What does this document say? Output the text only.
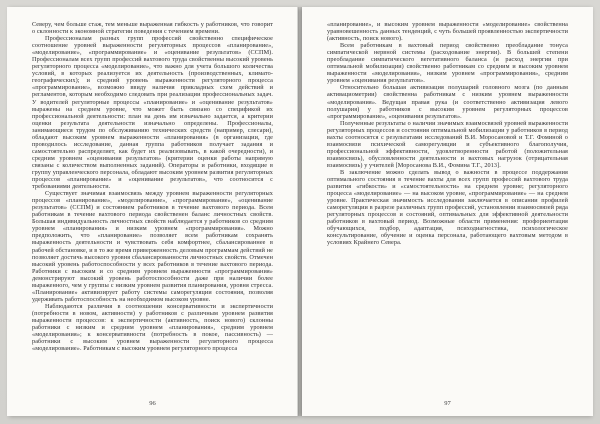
Северу, чем больше стаж, тем меньше выраженная гибкость у работников, что говорит о склонности к экономной стратегии поведения с течением времени.

Профессионалам разных групп профессий свойственно специфическое соотношение уровней выраженности регуляторных процессов «планирование», «моделирование», «программирование» и «оценивание результатов» (ССПМ). Профессионалам всех групп профессий вахтового труда свойственны высокий уровень регуляторного процесса «моделирование», что важно для учета большого количества условий, в которых реализуется их деятельность (производственных, климато-географических); и средний уровень выраженности регуляторного процесса «программирование», возможно ввиду наличия прикладных схем действий и регламентов, которым необходимо следовать при реализации профессиональных задач. У водителей регуляторные процессы «планирование» и «оценивание результатов» выражены на среднем уровне, что может быть связано со спецификой их профессиональной деятельности: план на день им изначально задается, а критерии оценки результата деятельности изначально определены. Профессионалы, занимающиеся трудом по обслуживанию технических средств (например, слесари), обладают высоким уровнем выраженности «планирования» (в организации, где проводилось исследование, данная группа работников получает задания и самостоятельно распределяет, как будет их реализовывать, в какой очередности), и средним уровнем «оценивания результатов» (критерии оценки работы напрямую связаны с количеством выполненных заданий). Операторы и работники, входящие в группу управленческого персонала, обладают высоким уровнем развития регуляторных процессов «планирование» и «оценивание результатов», что соотносится с требованиями деятельности.

Существует значимая взаимосвязь между уровнем выраженности регуляторных процессов «планирование», «моделирование», «программирование», «оценивание результатов» (ССПМ) и состоянием работников в течение вахтового периода. Всем работникам в течение вахтового периода свойственен баланс личностных свойств. Большая индивидуальность личностных свойств наблюдается у работников со средним уровнем «планирования» и низким уровнем «программирования». Можно предположить, что «планирование» позволяет всем работникам сохранять выраженность деятельности и чувствовать себя комфортнее, сбалансированнее в рабочей обстановке, и в то же время приверженность деловым программам действий не позволяет достичь высокого уровня сбалансированности личностных свойств. Отмечен высокий уровень работоспособности у всех работников в течение вахтового периода. Работники с высоким и со средним уровнем выраженности «программирования» демонстрируют высокий уровень работоспособности даже при наличии более выраженного, чем у группы с низким уровнем развития планирования, уровня стресса. «Планирование» активизирует работу системы саморегуляции состояния, позволяя удерживать работоспособность на необходимом высоком уровне.

Наблюдаются различия в соотношении консервативности и экспертичности (потребности в новом, активности) у работников с различным уровнем развития выраженности процессов: к экспертичности (активность, поиск нового) склонны работники с низким и средним уровнем «планирования», средним уровнем «моделирования»; к консервативности (потребность в покое, пассивность) — работники с высоким уровнем выраженности регуляторного процесса «моделирование». Работникам с высоким уровнем регуляторного процесса

96

«планирование», и высоким уровнем выраженности «моделирование» свойственна уравновешенность данных тенденций, с чуть большей проявленностью экспертичности (активность, поиск нового).

Всем работникам в вахтовый период свойственно преобладание тонуса симпатической нервной системы (расходование энергии). В большей степени преобладание симпатического вегетативного баланса (и расход энергии при оптимальной мобилизации) свойственно работникам со средним и высоким уровнем выраженности «моделирования», низким уровнем «программирования», средним уровнем «оценивания результатов».

Относительно большая активизация полушарий головного мозга (по данным активациометрии) свойственна работникам с низким уровнем выраженности «моделирования». Ведущая правая рука (и соответственно активизация левого полушария) у работников с высоким уровнем регуляторных процессов «программирование», «оценивания результатов».

Полученные результаты о наличии значимых взаимосвязей уровней выраженности регуляторных процессов и состояния оптимальной мобилизации у работников в период вахты соотносятся с результатами исследований В.И. Моросановой и Т.Г. Фоминой о взаимосвязи психической саморегуляции и субъективного благополучия, профессиональной эффективности, удовлетворенности работой (положительная взаимосвязь), обусловленности деятельности и вахтовых нагрузок (отрицательная взаимосвязь) у учителей [Моросанова В.И., Фомина Т.Г., 2013].

В заключение можно сделать вывод о важности в процессе поддержания оптимального состояния в течение вахты для всех групп профессий вахтового труда развития «гибкости» и «самостоятельности» на среднем уровне; регуляторного процесса «моделирование» — на высоком уровне, «программирование» — на среднем уровне. Практическая значимость исследования заключается в описании профилей саморегуляции в разрезе различных групп профессий, установлении взаимосвязей ряда регуляторных процессов и состояний, оптимальных для эффективной деятельности работников в вахтовый период. Возможные области применения: профориентация обучающихся, подбор, адаптация, психодиагностика, психологическое консультирование, обучение и оценка персонала, работающего вахтовым методом в условиях Крайнего Севера.

97
